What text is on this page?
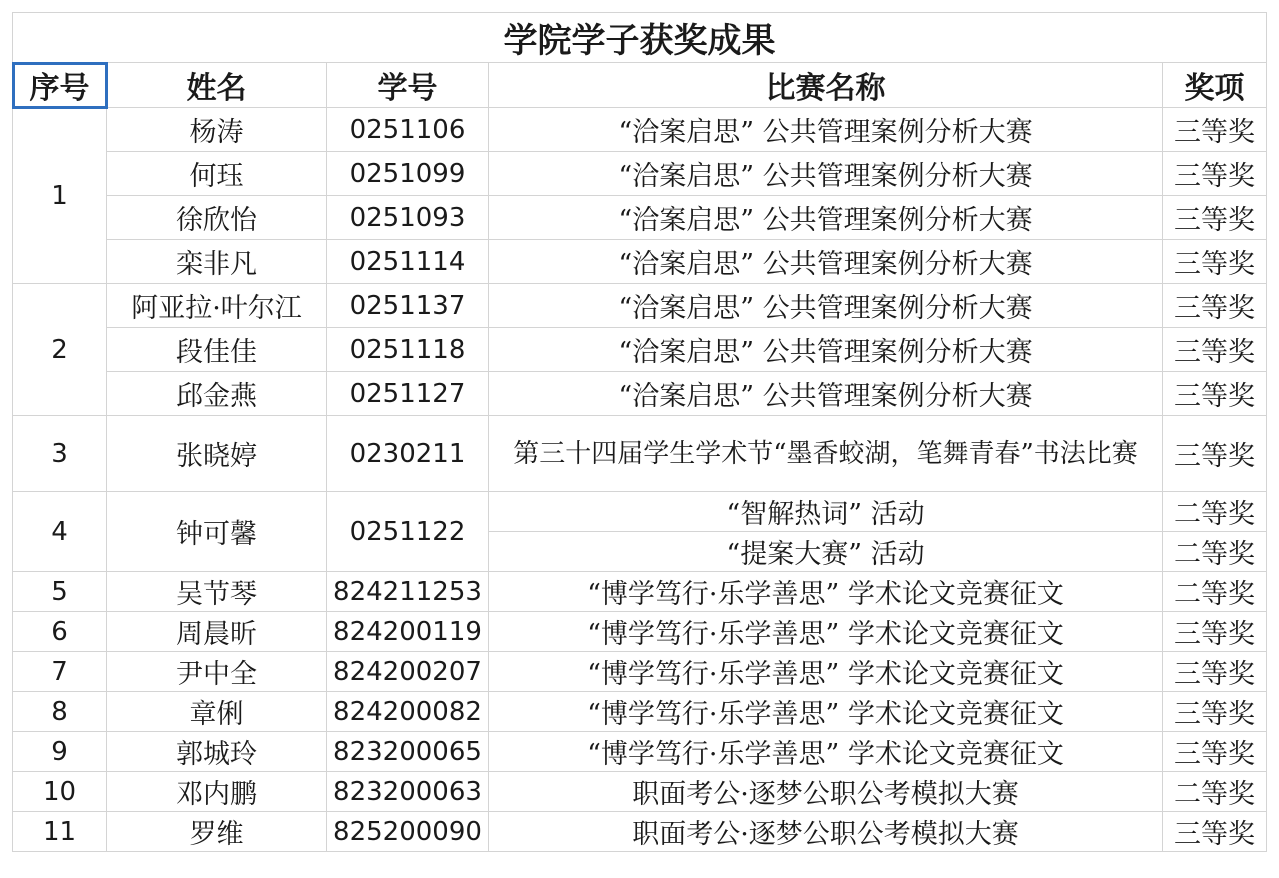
学院学子获奖成果				
序号	姓名	学号	比赛名称	奖项
1	杨涛	0251106	“洽案启思” 公共管理案例分析大赛	三等奖
	何珏	0251099	“洽案启思” 公共管理案例分析大赛	三等奖
	徐欣怡	0251093	“洽案启思” 公共管理案例分析大赛	三等奖
	栾非凡	0251114	“洽案启思” 公共管理案例分析大赛	三等奖
2	阿亚拉·叶尔江	0251137	“洽案启思” 公共管理案例分析大赛	三等奖
	段佳佳	0251118	“洽案启思” 公共管理案例分析大赛	三等奖
	邱金燕	0251127	“洽案启思” 公共管理案例分析大赛	三等奖
3	张晓婷	0230211	第三十四届学生学术节“墨香蛟湖，笔舞青春”书法比赛	三等奖
4	钟可馨	0251122	“智解热词” 活动	二等奖
			“提案大赛” 活动	二等奖
5	吴节琴	824211253	“博学笃行·乐学善思” 学术论文竞赛征文	二等奖
6	周晨昕	824200119	“博学笃行·乐学善思” 学术论文竞赛征文	三等奖
7	尹中全	824200207	“博学笃行·乐学善思” 学术论文竞赛征文	三等奖
8	章俐	824200082	“博学笃行·乐学善思” 学术论文竞赛征文	三等奖
9	郭城玲	823200065	“博学笃行·乐学善思” 学术论文竞赛征文	三等奖
10	邓内鹏	823200063	职面考公·逐梦公职公考模拟大赛	二等奖
11	罗维	825200090	职面考公·逐梦公职公考模拟大赛	三等奖
